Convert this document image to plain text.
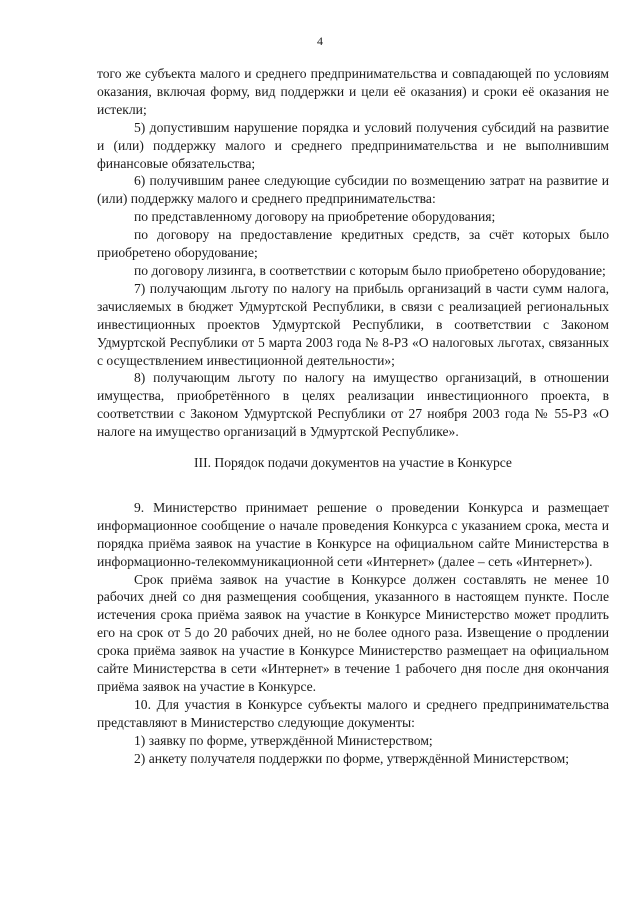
4

того же субъекта малого и среднего предпринимательства и совпадающей по условиям оказания, включая форму, вид поддержки и цели её оказания) и сроки её оказания не истекли;

5) допустившим нарушение порядка и условий получения субсидий на развитие и (или) поддержку малого и среднего предпринимательства и не выполнившим финансовые обязательства;

6) получившим ранее следующие субсидии по возмещению затрат на развитие и (или) поддержку малого и среднего предпринимательства:

по представленному договору на приобретение оборудования;

по договору на предоставление кредитных средств, за счёт которых было приобретено оборудование;

по договору лизинга, в соответствии с которым было приобретено оборудование;

7) получающим льготу по налогу на прибыль организаций в части сумм налога, зачисляемых в бюджет Удмуртской Республики, в связи с реализацией региональных инвестиционных проектов Удмуртской Республики, в соответствии с Законом Удмуртской Республики от 5 марта 2003 года № 8-РЗ «О налоговых льготах, связанных с осуществлением инвестиционной деятельности»;

8) получающим льготу по налогу на имущество организаций, в отношении имущества, приобретённого в целях реализации инвестиционного проекта, в соответствии с Законом Удмуртской Республики от 27 ноября 2003 года № 55-РЗ «О налоге на имущество организаций в Удмуртской Республике».

III. Порядок подачи документов на участие в Конкурсе

9. Министерство принимает решение о проведении Конкурса и размещает информационное сообщение о начале проведения Конкурса с указанием срока, места и порядка приёма заявок на участие в Конкурсе на официальном сайте Министерства в информационно-телекоммуникационной сети «Интернет» (далее – сеть «Интернет»).

Срок приёма заявок на участие в Конкурсе должен составлять не менее 10 рабочих дней со дня размещения сообщения, указанного в настоящем пункте. После истечения срока приёма заявок на участие в Конкурсе Министерство может продлить его на срок от 5 до 20 рабочих дней, но не более одного раза. Извещение о продлении срока приёма заявок на участие в Конкурсе Министерство размещает на официальном сайте Министерства в сети «Интернет» в течение 1 рабочего дня после дня окончания приёма заявок на участие в Конкурсе.

10. Для участия в Конкурсе субъекты малого и среднего предпринимательства представляют в Министерство следующие документы:

1) заявку по форме, утверждённой Министерством;

2) анкету получателя поддержки по форме, утверждённой Министерством;
